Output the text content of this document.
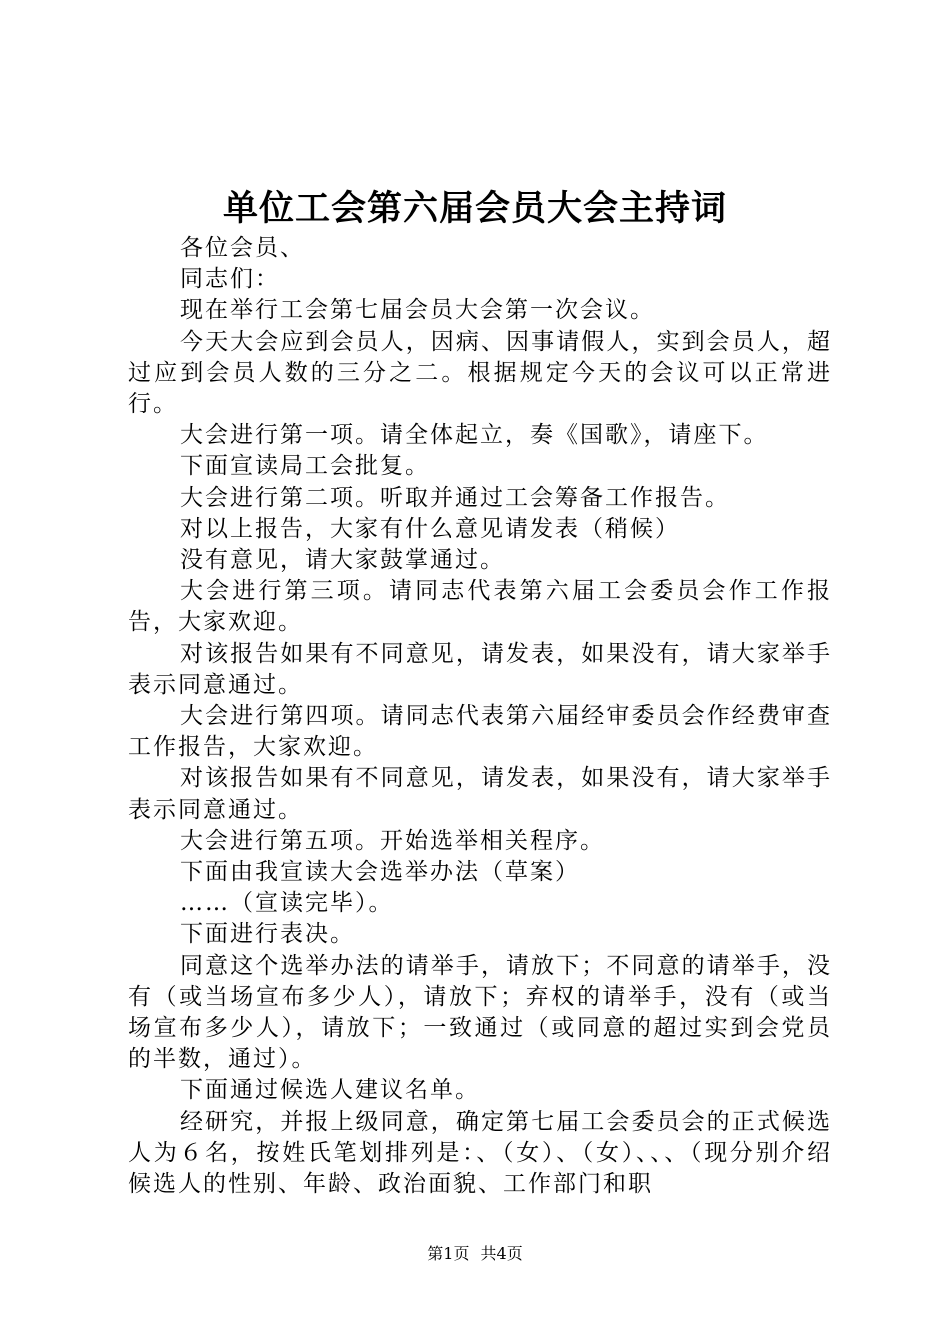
单位工会第六届会员大会主持词

各位会员、

同志们：

现在举行工会第七届会员大会第一次会议。

今天大会应到会员人，因病、因事请假人，实到会员人，超过应到会员人数的三分之二。根据规定今天的会议可以正常进行。

大会进行第一项。请全体起立，奏《国歌》，请座下。

下面宣读局工会批复。

大会进行第二项。听取并通过工会筹备工作报告。

对以上报告，大家有什么意见请发表（稍候）

没有意见，请大家鼓掌通过。

大会进行第三项。请同志代表第六届工会委员会作工作报告，大家欢迎。

对该报告如果有不同意见，请发表，如果没有，请大家举手表示同意通过。

大会进行第四项。请同志代表第六届经审委员会作经费审查工作报告，大家欢迎。

对该报告如果有不同意见，请发表，如果没有，请大家举手表示同意通过。

大会进行第五项。开始选举相关程序。

下面由我宣读大会选举办法（草案）

……（宣读完毕）。

下面进行表决。

同意这个选举办法的请举手，请放下；不同意的请举手，没有（或当场宣布多少人），请放下；弃权的请举手，没有（或当场宣布多少人），请放下；一致通过（或同意的超过实到会党员的半数，通过）。

下面通过候选人建议名单。

经研究，并报上级同意，确定第七届工会委员会的正式候选人为６名，按姓氏笔划排列是：、（女）、（女）、、、（现分别介绍候选人的性别、年龄、政治面貌、工作部门和职

第1页 共4页
